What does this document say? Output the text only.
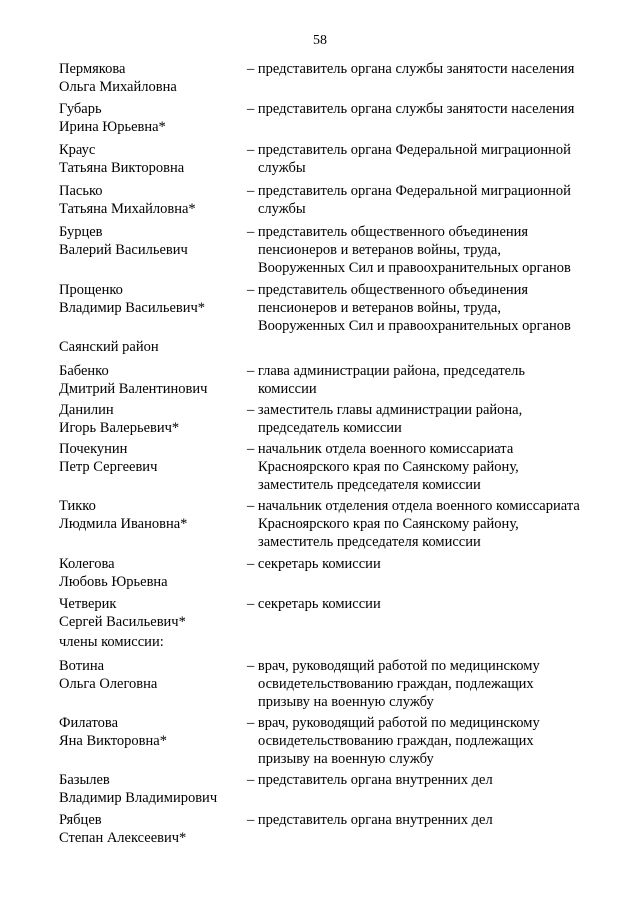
58
Пермякова
Ольга Михайловна
– представитель органа службы занятости населения
Губарь
Ирина Юрьевна*
– представитель органа службы занятости населения
Краус
Татьяна Викторовна
– представитель органа Федеральной миграционной
службы
Пасько
Татьяна Михайловна*
– представитель органа Федеральной миграционной
службы
Бурцев
Валерий Васильевич
– представитель общественного объединения
пенсионеров и ветеранов войны, труда,
Вооруженных Сил и правоохранительных органов
Прощенко
Владимир Васильевич*
– представитель общественного объединения
пенсионеров и ветеранов войны, труда,
Вооруженных Сил и правоохранительных органов
Саянский район
Бабенко
Дмитрий Валентинович
– глава администрации района, председатель
комиссии
Данилин
Игорь Валерьевич*
– заместитель главы администрации района,
председатель комиссии
Почекунин
Петр Сергеевич
– начальник отдела военного комиссариата
Красноярского края по Саянскому району,
заместитель председателя комиссии
Тикко
Людмила Ивановна*
– начальник отделения отдела военного комиссариата
Красноярского края по Саянскому району,
заместитель председателя комиссии
Колегова
Любовь Юрьевна
– секретарь комиссии
Четверик
Сергей Васильевич*
– секретарь комиссии
члены комиссии:
Вотина
Ольга Олеговна
– врач, руководящий работой по медицинскому
освидетельствованию граждан, подлежащих
призыву на военную службу
Филатова
Яна Викторовна*
– врач, руководящий работой по медицинскому
освидетельствованию граждан, подлежащих
призыву на военную службу
Базылев
Владимир Владимирович
– представитель органа внутренних дел
Рябцев
Степан Алексеевич*
– представитель органа внутренних дел
